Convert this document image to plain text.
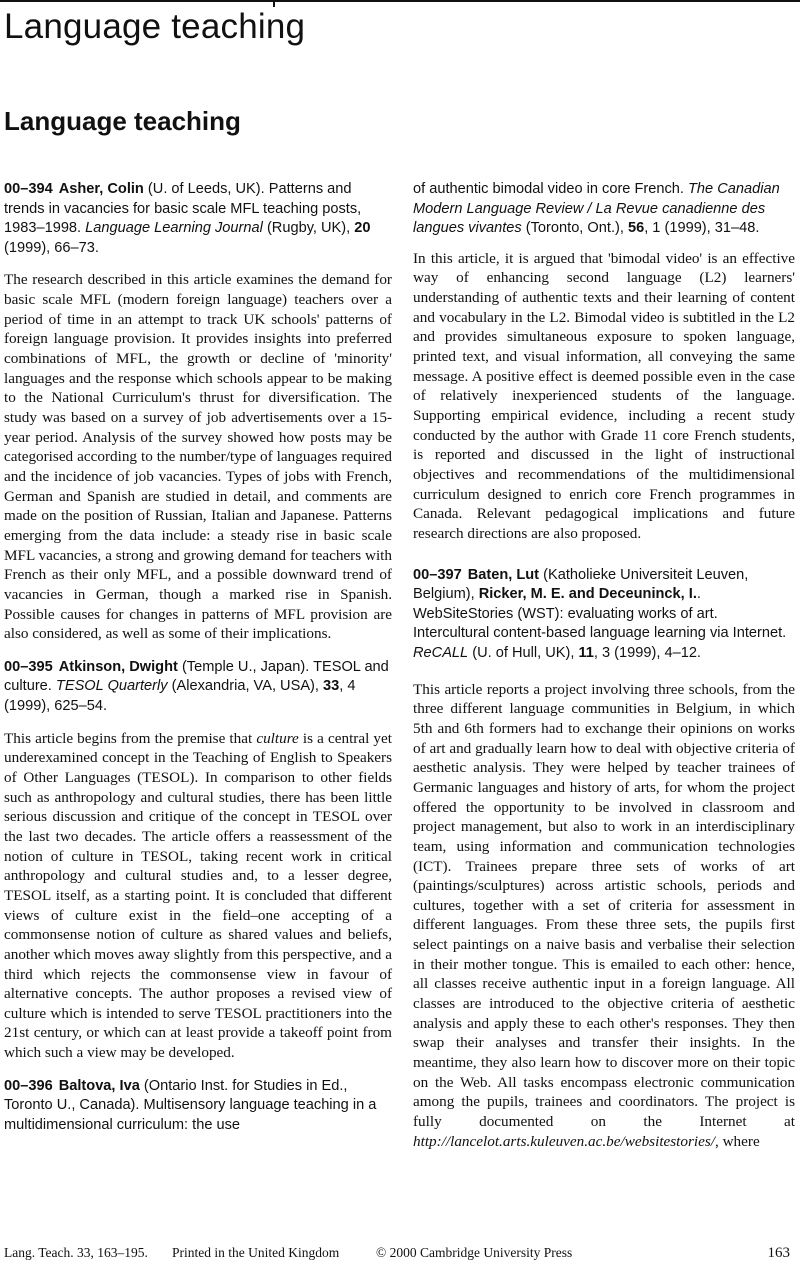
Language teaching
Language teaching
00–394 Asher, Colin (U. of Leeds, UK). Patterns and trends in vacancies for basic scale MFL teaching posts, 1983–1998. Language Learning Journal (Rugby, UK), 20 (1999), 66–73.

The research described in this article examines the demand for basic scale MFL (modern foreign language) teachers over a period of time in an attempt to track UK schools' patterns of foreign language provision. It provides insights into preferred combinations of MFL, the growth or decline of 'minority' languages and the response which schools appear to be making to the National Curriculum's thrust for diversification. The study was based on a survey of job advertisements over a 15-year period. Analysis of the survey showed how posts may be categorised according to the number/type of languages required and the incidence of job vacancies. Types of jobs with French, German and Spanish are studied in detail, and comments are made on the position of Russian, Italian and Japanese. Patterns emerging from the data include: a steady rise in basic scale MFL vacancies, a strong and growing demand for teachers with French as their only MFL, and a possible downward trend of vacancies in German, though a marked rise in Spanish. Possible causes for changes in patterns of MFL provision are also considered, as well as some of their implications.

00–395 Atkinson, Dwight (Temple U., Japan). TESOL and culture. TESOL Quarterly (Alexandria, VA, USA), 33, 4 (1999), 625–54.

This article begins from the premise that culture is a central yet underexamined concept in the Teaching of English to Speakers of Other Languages (TESOL). In comparison to other fields such as anthropology and cultural studies, there has been little serious discussion and critique of the concept in TESOL over the last two decades. The article offers a reassessment of the notion of culture in TESOL, taking recent work in critical anthropology and cultural studies and, to a lesser degree, TESOL itself, as a starting point. It is concluded that different views of culture exist in the field–one accepting of a commonsense notion of culture as shared values and beliefs, another which moves away slightly from this perspective, and a third which rejects the commonsense view in favour of alternative concepts. The author proposes a revised view of culture which is intended to serve TESOL practitioners into the 21st century, or which can at least provide a takeoff point from which such a view may be developed.

00–396 Baltova, Iva (Ontario Inst. for Studies in Ed., Toronto U., Canada). Multisensory language teaching in a multidimensional curriculum: the use
of authentic bimodal video in core French. The Canadian Modern Language Review / La Revue canadienne des langues vivantes (Toronto, Ont.), 56, 1 (1999), 31–48.

In this article, it is argued that 'bimodal video' is an effective way of enhancing second language (L2) learners' understanding of authentic texts and their learning of content and vocabulary in the L2. Bimodal video is subtitled in the L2 and provides simultaneous exposure to spoken language, printed text, and visual information, all conveying the same message. A positive effect is deemed possible even in the case of relatively inexperienced students of the language. Supporting empirical evidence, including a recent study conducted by the author with Grade 11 core French students, is reported and discussed in the light of instructional objectives and recommendations of the multidimensional curriculum designed to enrich core French programmes in Canada. Relevant pedagogical implications and future research directions are also proposed.

00–397 Baten, Lut (Katholieke Universiteit Leuven, Belgium), Ricker, M. E. and Deceuninck, I.. WebSiteStories (WST): evaluating works of art. Intercultural content-based language learning via Internet. ReCALL (U. of Hull, UK), 11, 3 (1999), 4–12.

This article reports a project involving three schools, from the three different language communities in Belgium, in which 5th and 6th formers had to exchange their opinions on works of art and gradually learn how to deal with objective criteria of aesthetic analysis. They were helped by teacher trainees of Germanic languages and history of arts, for whom the project offered the opportunity to be involved in classroom and project management, but also to work in an interdisciplinary team, using information and communication technologies (ICT). Trainees prepare three sets of works of art (paintings/sculptures) across artistic schools, periods and cultures, together with a set of criteria for assessment in different languages. From these three sets, the pupils first select paintings on a naive basis and verbalise their selection in their mother tongue. This is emailed to each other: hence, all classes receive authentic input in a foreign language. All classes are introduced to the objective criteria of aesthetic analysis and apply these to each other's responses. They then swap their analyses and transfer their insights. In the meantime, they also learn how to discover more on their topic on the Web. All tasks encompass electronic communication among the pupils, trainees and coordinators. The project is fully documented on the Internet at http://lancelot.arts.kuleuven.ac.be/websitestories/, where

Lang. Teach. 33, 163–195. Printed in the United Kingdom	© 2000 Cambridge University Press	163
